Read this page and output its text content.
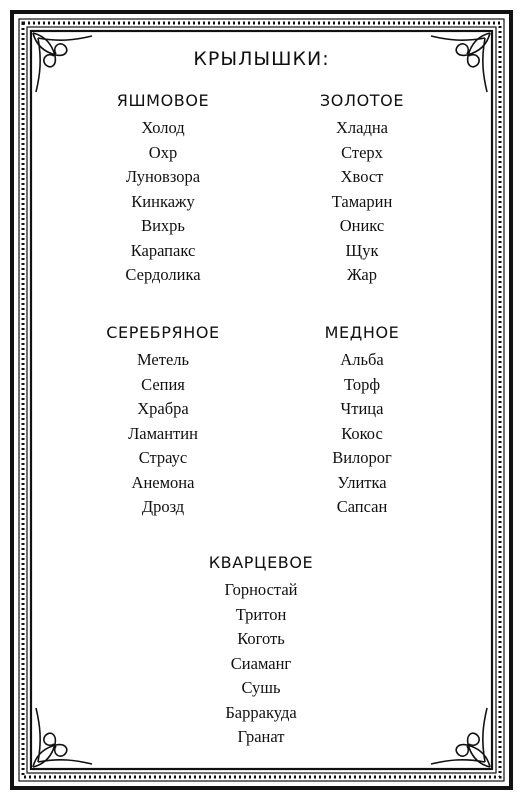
КРЫЛЫШКИ:
ЯШМОВОЕ
Холод
Охр
Луновзора
Кинкажу
Вихрь
Карапакс
Сердолика
ЗОЛОТОЕ
Хладна
Стерх
Хвост
Тамарин
Оникс
Щук
Жар
СЕРЕБРЯНОЕ
Метель
Сепия
Храбра
Ламантин
Страус
Анемона
Дрозд
МЕДНОЕ
Альба
Торф
Чтица
Кокос
Вилорог
Улитка
Сапсан
КВАРЦЕВОЕ
Горностай
Тритон
Коготь
Сиаманг
Сушь
Барракуда
Гранат
